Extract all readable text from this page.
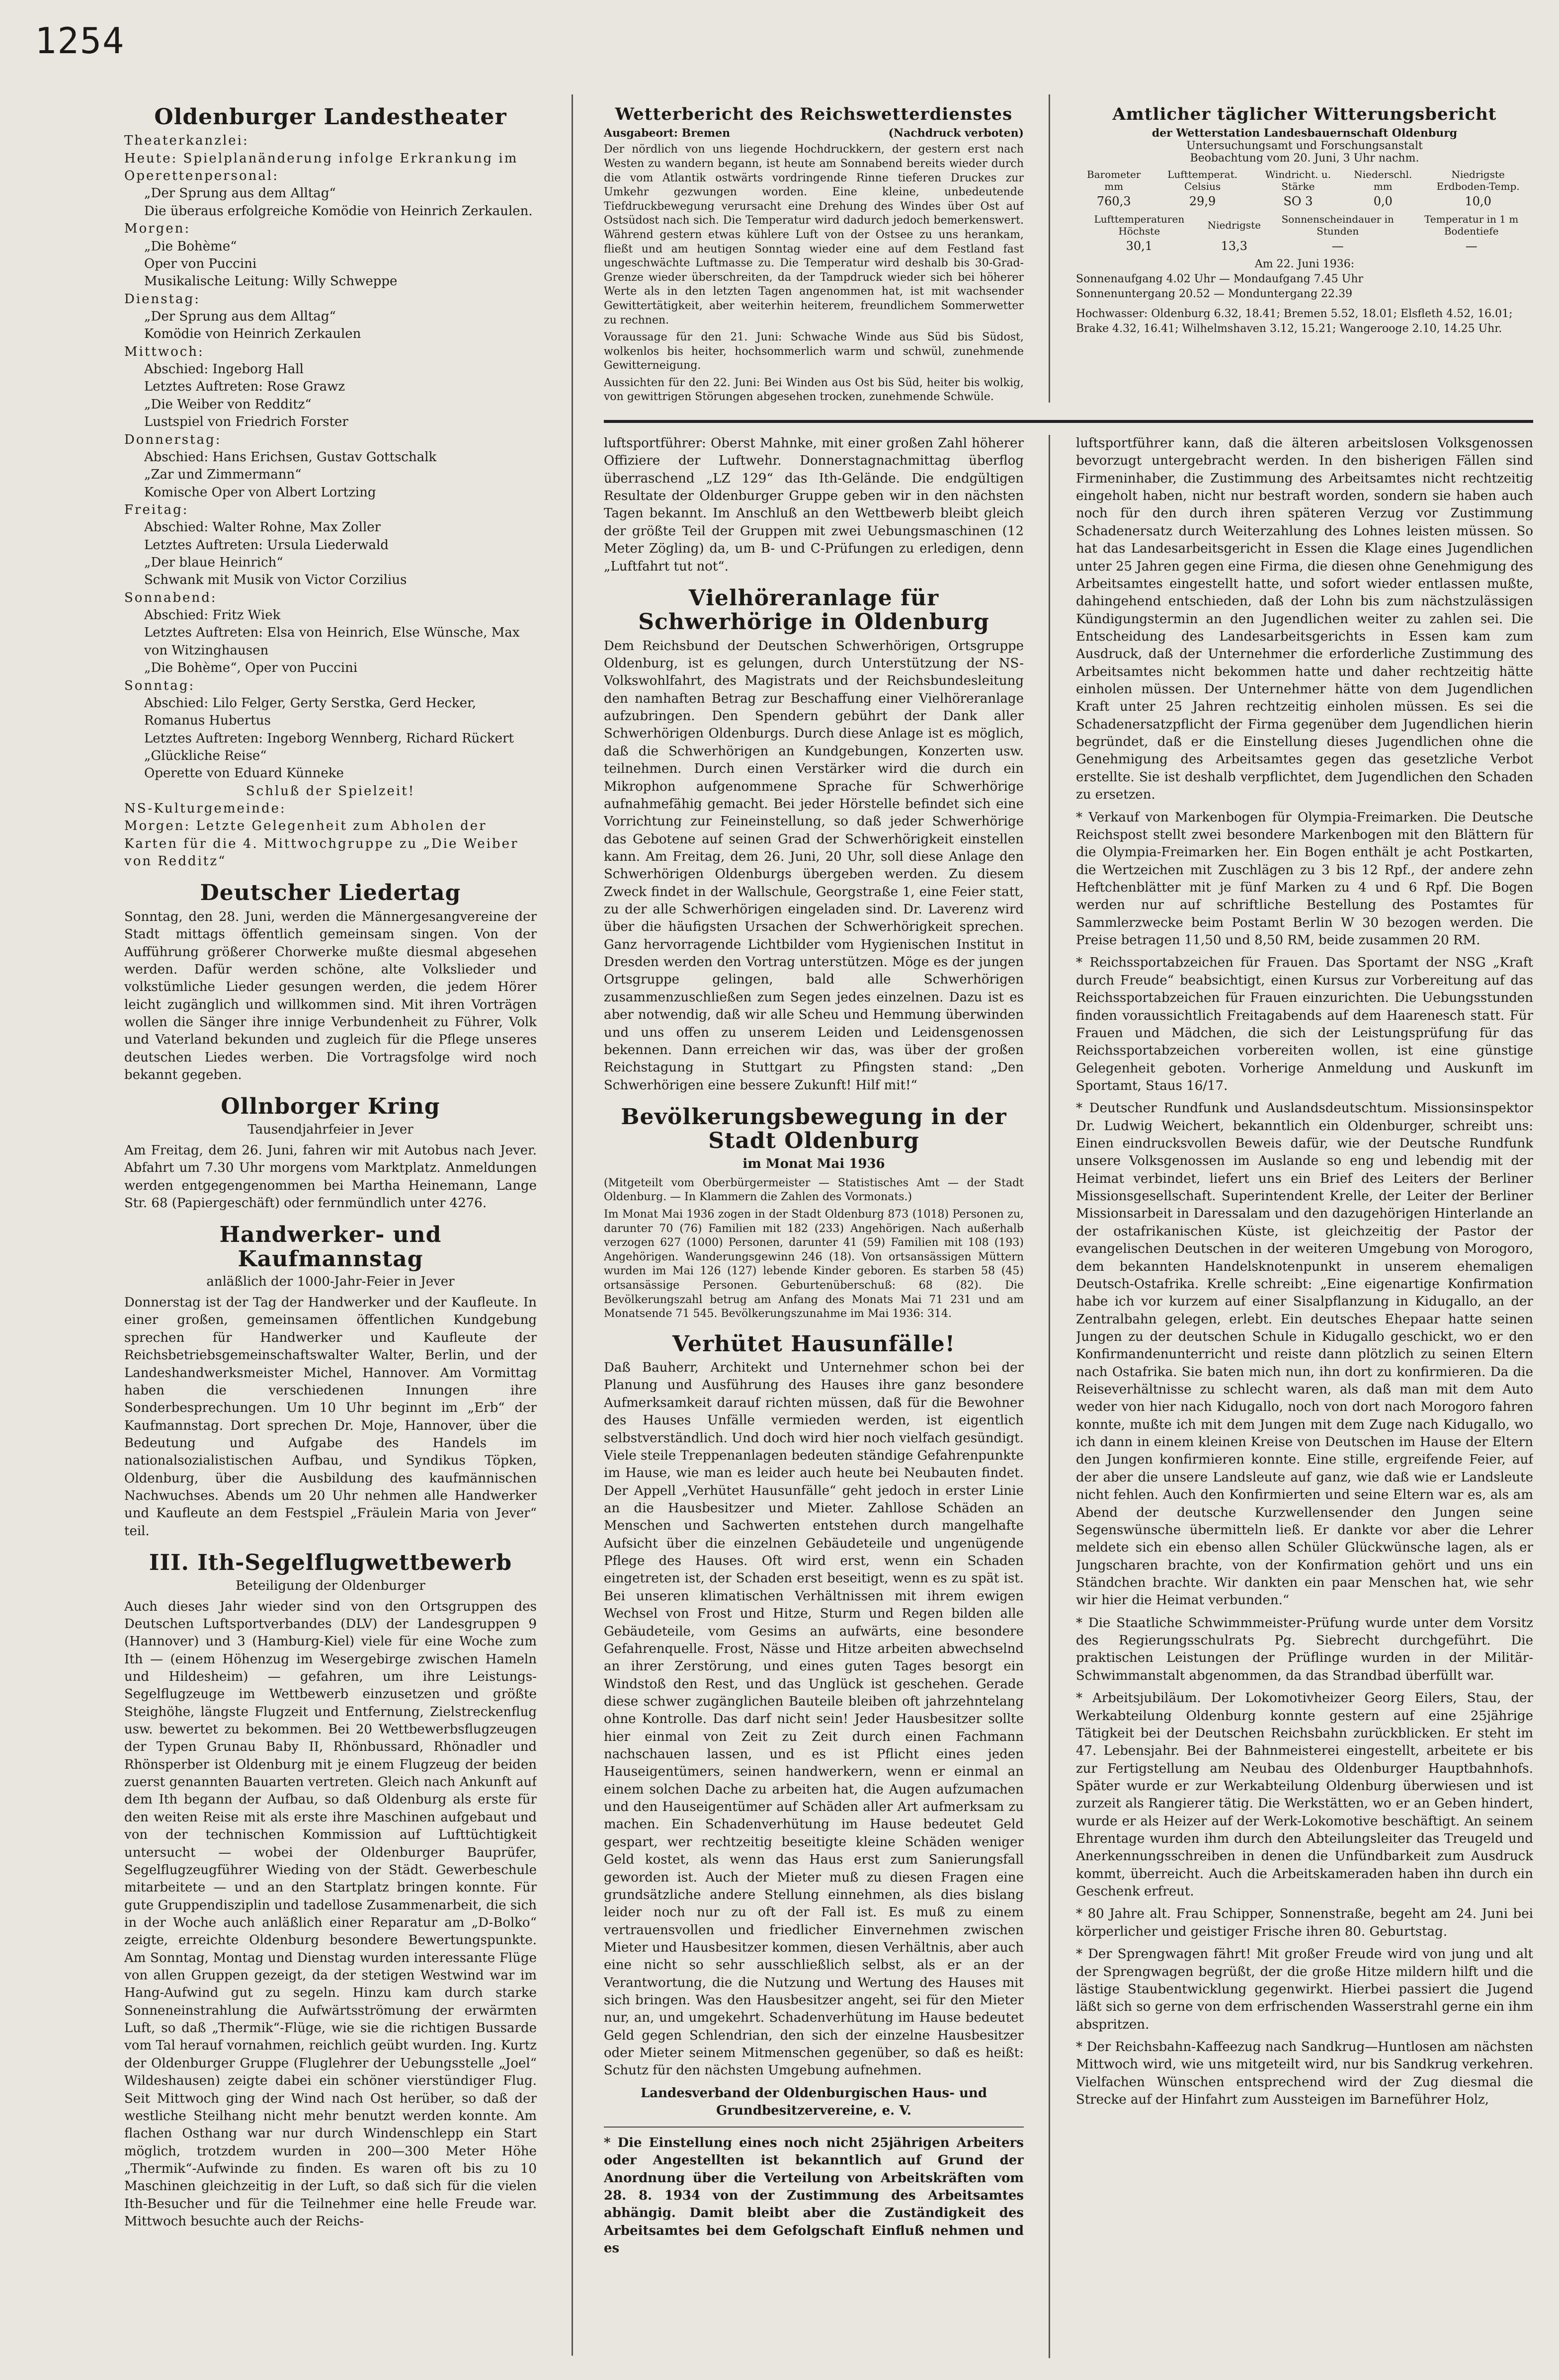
1254
Oldenburger Landestheater
Theaterkanzlei:
Heute: Spielplanänderung infolge Erkrankung im Operettenpersonal:
„Der Sprung aus dem Alltag“
Die überaus erfolgreiche Komödie von Heinrich Zerkaulen.
Morgen:
„Die Bohème“
Oper von Puccini
Musikalische Leitung: Willy Schweppe
Dienstag:
„Der Sprung aus dem Alltag“
Komödie von Heinrich Zerkaulen
Mittwoch:
Abschied: Ingeborg Hall
Letztes Auftreten: Rose Grawz
„Die Weiber von Redditz“
Lustspiel von Friedrich Forster
Donnerstag:
Abschied: Hans Erichsen, Gustav Gottschalk
„Zar und Zimmermann“
Komische Oper von Albert Lortzing
Freitag:
Abschied: Walter Rohne, Max Zoller
Letztes Auftreten: Ursula Liederwald
„Der blaue Heinrich“
Schwank mit Musik von Victor Corzilius
Sonnabend:
Abschied: Fritz Wiek
Letztes Auftreten: Elsa von Heinrich, Else Wünsche, Max von Witzinghausen
„Die Bohème“, Oper von Puccini
Sonntag:
Abschied: Lilo Felger, Gerty Serstka, Gerd Hecker, Romanus Hubertus
Letztes Auftreten: Ingeborg Wennberg, Richard Rückert
„Glückliche Reise“
Operette von Eduard Künneke
Schluß der Spielzeit!
NS-Kulturgemeinde:
Morgen: Letzte Gelegenheit zum Abholen der Karten für die 4. Mittwochgruppe zu „Die Weiber von Redditz“
Deutscher Liedertag

Sonntag, den 28. Juni, werden die Männergesangvereine der Stadt mittags öffentlich gemeinsam singen. Von der Aufführung größerer Chorwerke mußte diesmal abgesehen werden. Dafür werden schöne, alte Volkslieder und volkstümliche Lieder gesungen werden, die jedem Hörer leicht zugänglich und willkommen sind. Mit ihren Vorträgen wollen die Sänger ihre innige Verbundenheit zu Führer, Volk und Vaterland bekunden und zugleich für die Pflege unseres deutschen Liedes werben. Die Vortragsfolge wird noch bekannt gegeben.

Ollnborger Kring
Tausendjahrfeier in Jever

Am Freitag, dem 26. Juni, fahren wir mit Autobus nach Jever. Abfahrt um 7.30 Uhr morgens vom Marktplatz. Anmeldungen werden entgegengenommen bei Martha Heinemann, Lange Str. 68 (Papiergeschäft) oder fernmündlich unter 4276.

Handwerker- und Kaufmannstag
anläßlich der 1000-Jahr-Feier in Jever

Donnerstag ist der Tag der Handwerker und der Kaufleute. In einer großen, gemeinsamen öffentlichen Kundgebung sprechen für Handwerker und Kaufleute der Reichsbetriebsgemeinschaftswalter Walter, Berlin, und der Landeshandwerksmeister Michel, Hannover. Am Vormittag haben die verschiedenen Innungen ihre Sonderbesprechungen. Um 10 Uhr beginnt im „Erb“ der Kaufmannstag. Dort sprechen Dr. Moje, Hannover, über die Bedeutung und Aufgabe des Handels im nationalsozialistischen Aufbau, und Syndikus Töpken, Oldenburg, über die Ausbildung des kaufmännischen Nachwuchses. Abends um 20 Uhr nehmen alle Handwerker und Kaufleute an dem Festspiel „Fräulein Maria von Jever“ teil.

III. Ith-Segelflugwettbewerb
Beteiligung der Oldenburger

Auch dieses Jahr wieder sind von den Ortsgruppen des Deutschen Luftsportverbandes (DLV) der Landesgruppen 9 (Hannover) und 3 (Hamburg-Kiel) viele für eine Woche zum Ith — (einem Höhenzug im Wesergebirge zwischen Hameln und Hildesheim) — gefahren, um ihre Leistungs-Segelflugzeuge im Wettbewerb einzusetzen und größte Steighöhe, längste Flugzeit und Entfernung, Zielstreckenflug usw. bewertet zu bekommen. Bei 20 Wettbewerbsflugzeugen der Typen Grunau Baby II, Rhönbussard, Rhönadler und Rhönsperber ist Oldenburg mit je einem Flugzeug der beiden zuerst genannten Bauarten vertreten. Gleich nach Ankunft auf dem Ith begann der Aufbau, so daß Oldenburg als erste für den weiten Reise mit als erste ihre Maschinen aufgebaut und von der technischen Kommission auf Lufttüchtigkeit untersucht — wobei der Oldenburger Bauprüfer, Segelflugzeugführer Wieding von der Städt. Gewerbeschule mitarbeitete — und an den Startplatz bringen konnte. Für gute Gruppendisziplin und tadellose Zusammenarbeit, die sich in der Woche auch anläßlich einer Reparatur am „D-Bolko“ zeigte, erreichte Oldenburg besondere Bewertungspunkte. Am Sonntag, Montag und Dienstag wurden interessante Flüge von allen Gruppen gezeigt, da der stetigen Westwind war im Hang-Aufwind gut zu segeln. Hinzu kam durch starke Sonneneinstrahlung die Aufwärtsströmung der erwärmten Luft, so daß „Thermik“-Flüge, wie sie die richtigen Bussarde vom Tal herauf vornahmen, reichlich geübt wurden. Ing. Kurtz der Oldenburger Gruppe (Fluglehrer der Uebungsstelle „Joel“ Wildeshausen) zeigte dabei ein schöner vierstündiger Flug. Seit Mittwoch ging der Wind nach Ost herüber, so daß der westliche Steilhang nicht mehr benutzt werden konnte. Am flachen Osthang war nur durch Windenschlepp ein Start möglich, trotzdem wurden in 200—300 Meter Höhe „Thermik“-Aufwinde zu finden. Es waren oft bis zu 10 Maschinen gleichzeitig in der Luft, so daß sich für die vielen Ith-Besucher und für die Teilnehmer eine helle Freude war. Mittwoch besuchte auch der Reichs-

Wetterbericht des Reichswetterdienstes
Ausgabeort: Bremen	(Nachdruck verboten)

Der nördlich von uns liegende Hochdruckkern, der gestern erst nach Westen zu wandern begann, ist heute am Sonnabend bereits wieder durch die vom Atlantik ostwärts vordringende Rinne tieferen Druckes zur Umkehr gezwungen worden. Eine kleine, unbedeutende Tiefdruckbewegung verursacht eine Drehung des Windes über Ost auf Ostsüdost nach sich. Die Temperatur wird dadurch jedoch bemerkenswert. Während gestern etwas kühlere Luft von der Ostsee zu uns herankam, fließt und am heutigen Sonntag wieder eine auf dem Festland fast ungeschwächte Luftmasse zu. Die Temperatur wird deshalb bis 30-Grad-Grenze wieder überschreiten, da der Tampdruck wieder sich bei höherer Werte als in den letzten Tagen angenommen hat, ist mit wachsender Gewittertätigkeit, aber weiterhin heiterem, freundlichem Sommerwetter zu rechnen.

Voraussage für den 21. Juni: Schwache Winde aus Süd bis Südost, wolkenlos bis heiter, hochsommerlich warm und schwül, zunehmende Gewitterneigung.

Aussichten für den 22. Juni: Bei Winden aus Ost bis Süd, heiter bis wolkig, von gewittrigen Störungen abgesehen trocken, zunehmende Schwüle.

Amtlicher täglicher Witterungsbericht
der Wetterstation Landesbauernschaft Oldenburg
Untersuchungsamt und Forschungsanstalt
Beobachtung vom 20. Juni, 3 Uhr nachm.
Barometer mm	Lufttemperat. Celsius	Windricht. u. Stärke	Niederschl. mm	Niedrigste Erdboden-Temp.
760,3	29,9	SO 3	0,0	10,0
Lufttemperaturen Höchste	Niedrigste	Sonnenscheindauer in Stunden	Temperatur in 1 m Bodentiefe
30,1	13,3	—	—
Am 22. Juni 1936:
Sonnenaufgang 4.02 Uhr — Mondaufgang 7.45 Uhr
Sonnenuntergang 20.52 — Monduntergang 22.39
Hochwasser: Oldenburg 6.32, 18.41; Bremen 5.52, 18.01; Elsfleth 4.52, 16.01; Brake 4.32, 16.41; Wilhelmshaven 3.12, 15.21; Wangerooge 2.10, 14.25 Uhr.

luftsportführer: Oberst Mahnke, mit einer großen Zahl höherer Offiziere der Luftwehr. Donnerstagnachmittag überflog überraschend „LZ 129“ das Ith-Gelände. Die endgültigen Resultate der Oldenburger Gruppe geben wir in den nächsten Tagen bekannt. Im Anschluß an den Wettbewerb bleibt gleich der größte Teil der Gruppen mit zwei Uebungsmaschinen (12 Meter Zögling) da, um B- und C-Prüfungen zu erledigen, denn „Luftfahrt tut not“.

Vielhöreranlage für Schwerhörige in Oldenburg

Dem Reichsbund der Deutschen Schwerhörigen, Ortsgruppe Oldenburg, ist es gelungen, durch Unterstützung der NS-Volkswohlfahrt, des Magistrats und der Reichsbundesleitung den namhaften Betrag zur Beschaffung einer Vielhöreranlage aufzubringen. Den Spendern gebührt der Dank aller Schwerhörigen Oldenburgs. Durch diese Anlage ist es möglich, daß die Schwerhörigen an Kundgebungen, Konzerten usw. teilnehmen. Durch einen Verstärker wird die durch ein Mikrophon aufgenommene Sprache für Schwerhörige aufnahmefähig gemacht. Bei jeder Hörstelle befindet sich eine Vorrichtung zur Feineinstellung, so daß jeder Schwerhörige das Gebotene auf seinen Grad der Schwerhörigkeit einstellen kann. Am Freitag, dem 26. Juni, 20 Uhr, soll diese Anlage den Schwerhörigen Oldenburgs übergeben werden. Zu diesem Zweck findet in der Wallschule, Georgstraße 1, eine Feier statt, zu der alle Schwerhörigen eingeladen sind. Dr. Laverenz wird über die häufigsten Ursachen der Schwerhörigkeit sprechen. Ganz hervorragende Lichtbilder vom Hygienischen Institut in Dresden werden den Vortrag unterstützen. Möge es der jungen Ortsgruppe gelingen, bald alle Schwerhörigen zusammenzuschließen zum Segen jedes einzelnen. Dazu ist es aber notwendig, daß wir alle Scheu und Hemmung überwinden und uns offen zu unserem Leiden und Leidensgenossen bekennen. Dann erreichen wir das, was über der großen Reichstagung in Stuttgart zu Pfingsten stand: „Den Schwerhörigen eine bessere Zukunft! Hilf mit!“

Bevölkerungsbewegung in der Stadt Oldenburg
im Monat Mai 1936

(Mitgeteilt vom Oberbürgermeister — Statistisches Amt — der Stadt Oldenburg. — In Klammern die Zahlen des Vormonats.)

Im Monat Mai 1936 zogen in der Stadt Oldenburg 873 (1018) Personen zu, darunter 70 (76) Familien mit 182 (233) Angehörigen. Nach außerhalb verzogen 627 (1000) Personen, darunter 41 (59) Familien mit 108 (193) Angehörigen. Wanderungsgewinn 246 (18). Von ortsansässigen Müttern wurden im Mai 126 (127) lebende Kinder geboren. Es starben 58 (45) ortsansässige Personen. Geburtenüberschuß: 68 (82). Die Bevölkerungszahl betrug am Anfang des Monats Mai 71 231 und am Monatsende 71 545. Bevölkerungszunahme im Mai 1936: 314.

Verhütet Hausunfälle!

Daß Bauherr, Architekt und Unternehmer schon bei der Planung und Ausführung des Hauses ihre ganz besondere Aufmerksamkeit darauf richten müssen, daß für die Bewohner des Hauses Unfälle vermieden werden, ist eigentlich selbstverständlich. Und doch wird hier noch vielfach gesündigt. Viele steile Treppenanlagen bedeuten ständige Gefahrenpunkte im Hause, wie man es leider auch heute bei Neubauten findet. Der Appell „Verhütet Hausunfälle“ geht jedoch in erster Linie an die Hausbesitzer und Mieter. Zahllose Schäden an Menschen und Sachwerten entstehen durch mangelhafte Aufsicht über die einzelnen Gebäudeteile und ungenügende Pflege des Hauses. Oft wird erst, wenn ein Schaden eingetreten ist, der Schaden erst beseitigt, wenn es zu spät ist. Bei unseren klimatischen Verhältnissen mit ihrem ewigen Wechsel von Frost und Hitze, Sturm und Regen bilden alle Gebäudeteile, vom Gesims an aufwärts, eine besondere Gefahrenquelle. Frost, Nässe und Hitze arbeiten abwechselnd an ihrer Zerstörung, und eines guten Tages besorgt ein Windstoß den Rest, und das Unglück ist geschehen. Gerade diese schwer zugänglichen Bauteile bleiben oft jahrzehntelang ohne Kontrolle. Das darf nicht sein! Jeder Hausbesitzer sollte hier einmal von Zeit zu Zeit durch einen Fachmann nachschauen lassen, und es ist Pflicht eines jeden Hauseigentümers, seinen handwerkern, wenn er einmal an einem solchen Dache zu arbeiten hat, die Augen aufzumachen und den Hauseigentümer auf Schäden aller Art aufmerksam zu machen. Ein Schadenverhütung im Hause bedeutet Geld gespart, wer rechtzeitig beseitigte kleine Schäden weniger Geld kostet, als wenn das Haus erst zum Sanierungsfall geworden ist. Auch der Mieter muß zu diesen Fragen eine grundsätzliche andere Stellung einnehmen, als dies bislang leider noch nur zu oft der Fall ist. Es muß zu einem vertrauensvollen und friedlicher Einvernehmen zwischen Mieter und Hausbesitzer kommen, diesen Verhältnis, aber auch eine nicht so sehr ausschließlich selbst, als er an der Verantwortung, die die Nutzung und Wertung des Hauses mit sich bringen. Was den Hausbesitzer angeht, sei für den Mieter nur, an, und umgekehrt. Schadenverhütung im Hause bedeutet Geld gegen Schlendrian, den sich der einzelne Hausbesitzer oder Mieter seinem Mitmenschen gegenüber, so daß es heißt: Schutz für den nächsten Umgebung aufnehmen.

Landesverband der Oldenburgischen Haus- und Grundbesitzervereine, e. V.

* Die Einstellung eines noch nicht 25jährigen Arbeiters oder Angestellten ist bekanntlich auf Grund der Anordnung über die Verteilung von Arbeitskräften vom 28. 8. 1934 von der Zustimmung des Arbeitsamtes abhängig. Damit bleibt aber die Zuständigkeit des Arbeitsamtes bei dem Gefolgschaft Einfluß nehmen und es

luftsportführer kann, daß die älteren arbeitslosen Volksgenossen bevorzugt untergebracht werden. In den bisherigen Fällen sind Firmeninhaber, die Zustimmung des Arbeitsamtes nicht rechtzeitig eingeholt haben, nicht nur bestraft worden, sondern sie haben auch noch für den durch ihren späteren Verzug vor Zustimmung Schadenersatz durch Weiterzahlung des Lohnes leisten müssen. So hat das Landesarbeitsgericht in Essen die Klage eines Jugendlichen unter 25 Jahren gegen eine Firma, die diesen ohne Genehmigung des Arbeitsamtes eingestellt hatte, und sofort wieder entlassen mußte, dahingehend entschieden, daß der Lohn bis zum nächstzulässigen Kündigungstermin an den Jugendlichen weiter zu zahlen sei. Die Entscheidung des Landesarbeitsgerichts in Essen kam zum Ausdruck, daß der Unternehmer die erforderliche Zustimmung des Arbeitsamtes nicht bekommen hatte und daher rechtzeitig hätte einholen müssen. Der Unternehmer hätte von dem Jugendlichen Kraft unter 25 Jahren rechtzeitig einholen müssen. Es sei die Schadenersatzpflicht der Firma gegenüber dem Jugendlichen hierin begründet, daß er die Einstellung dieses Jugendlichen ohne die Genehmigung des Arbeitsamtes gegen das gesetzliche Verbot erstellte. Sie ist deshalb verpflichtet, dem Jugendlichen den Schaden zu ersetzen.

* Verkauf von Markenbogen für Olympia-Freimarken. Die Deutsche Reichspost stellt zwei besondere Markenbogen mit den Blättern für die Olympia-Freimarken her. Ein Bogen enthält je acht Postkarten, die Wertzeichen mit Zuschlägen zu 3 bis 12 Rpf., der andere zehn Heftchenblätter mit je fünf Marken zu 4 und 6 Rpf. Die Bogen werden nur auf schriftliche Bestellung des Postamtes für Sammlerzwecke beim Postamt Berlin W 30 bezogen werden. Die Preise betragen 11,50 und 8,50 RM, beide zusammen 20 RM.

* Reichssportabzeichen für Frauen. Das Sportamt der NSG „Kraft durch Freude“ beabsichtigt, einen Kursus zur Vorbereitung auf das Reichssportabzeichen für Frauen einzurichten. Die Uebungsstunden finden voraussichtlich Freitagabends auf dem Haarenesch statt. Für Frauen und Mädchen, die sich der Leistungsprüfung für das Reichssportabzeichen vorbereiten wollen, ist eine günstige Gelegenheit geboten. Vorherige Anmeldung und Auskunft im Sportamt, Staus 16/17.

* Deutscher Rundfunk und Auslandsdeutschtum. Missionsinspektor Dr. Ludwig Weichert, bekanntlich ein Oldenburger, schreibt uns: Einen eindrucksvollen Beweis dafür, wie der Deutsche Rundfunk unsere Volksgenossen im Auslande so eng und lebendig mit der Heimat verbindet, liefert uns ein Brief des Leiters der Berliner Missionsgesellschaft. Superintendent Krelle, der Leiter der Berliner Missionsarbeit in Daressalam und den dazugehörigen Hinterlande an der ostafrikanischen Küste, ist gleichzeitig der Pastor der evangelischen Deutschen in der weiteren Umgebung von Morogoro, dem bekannten Handelsknotenpunkt in unserem ehemaligen Deutsch-Ostafrika. Krelle schreibt: „Eine eigenartige Konfirmation habe ich vor kurzem auf einer Sisalpflanzung in Kidugallo, an der Zentralbahn gelegen, erlebt. Ein deutsches Ehepaar hatte seinen Jungen zu der deutschen Schule in Kidugallo geschickt, wo er den Konfirmandenunterricht und reiste dann plötzlich zu seinen Eltern nach Ostafrika. Sie baten mich nun, ihn dort zu konfirmieren. Da die Reiseverhältnisse zu schlecht waren, als daß man mit dem Auto weder von hier nach Kidugallo, noch von dort nach Morogoro fahren konnte, mußte ich mit dem Jungen mit dem Zuge nach Kidugallo, wo ich dann in einem kleinen Kreise von Deutschen im Hause der Eltern den Jungen konfirmieren konnte. Eine stille, ergreifende Feier, auf der aber die unsere Landsleute auf ganz, wie daß wie er Landsleute nicht fehlen. Auch den Konfirmierten und seine Eltern war es, als am Abend der deutsche Kurzwellensender den Jungen seine Segenswünsche übermitteln ließ. Er dankte vor aber die Lehrer meldete sich ein ebenso allen Schüler Glückwünsche lagen, als er Jungscharen brachte, von der Konfirmation gehört und uns ein Ständchen brachte. Wir dankten ein paar Menschen hat, wie sehr wir hier die Heimat verbunden.“

* Die Staatliche Schwimmmeister-Prüfung wurde unter dem Vorsitz des Regierungsschulrats Pg. Siebrecht durchgeführt. Die praktischen Leistungen der Prüflinge wurden in der Militär-Schwimmanstalt abgenommen, da das Strandbad überfüllt war.

* Arbeitsjubiläum. Der Lokomotivheizer Georg Eilers, Stau, der Werkabteilung Oldenburg konnte gestern auf eine 25jährige Tätigkeit bei der Deutschen Reichsbahn zurückblicken. Er steht im 47. Lebensjahr. Bei der Bahnmeisterei eingestellt, arbeitete er bis zur Fertigstellung am Neubau des Oldenburger Hauptbahnhofs. Später wurde er zur Werkabteilung Oldenburg überwiesen und ist zurzeit als Rangierer tätig. Die Werkstätten, wo er an Geben hindert, wurde er als Heizer auf der Werk-Lokomotive beschäftigt. An seinem Ehrentage wurden ihm durch den Abteilungsleiter das Treugeld und Anerkennungsschreiben in denen die Unfündbarkeit zum Ausdruck kommt, überreicht. Auch die Arbeitskameraden haben ihn durch ein Geschenk erfreut.

* 80 Jahre alt. Frau Schipper, Sonnenstraße, begeht am 24. Juni bei körperlicher und geistiger Frische ihren 80. Geburtstag.

* Der Sprengwagen fährt! Mit großer Freude wird von jung und alt der Sprengwagen begrüßt, der die große Hitze mildern hilft und die lästige Staubentwicklung gegenwirkt. Hierbei passiert die Jugend läßt sich so gerne von dem erfrischenden Wasserstrahl gerne ein ihm abspritzen.

* Der Reichsbahn-Kaffeezug nach Sandkrug—Huntlosen am nächsten Mittwoch wird, wie uns mitgeteilt wird, nur bis Sandkrug verkehren. Vielfachen Wünschen entsprechend wird der Zug diesmal die Strecke auf der Hinfahrt zum Aussteigen im Barneführer Holz,
